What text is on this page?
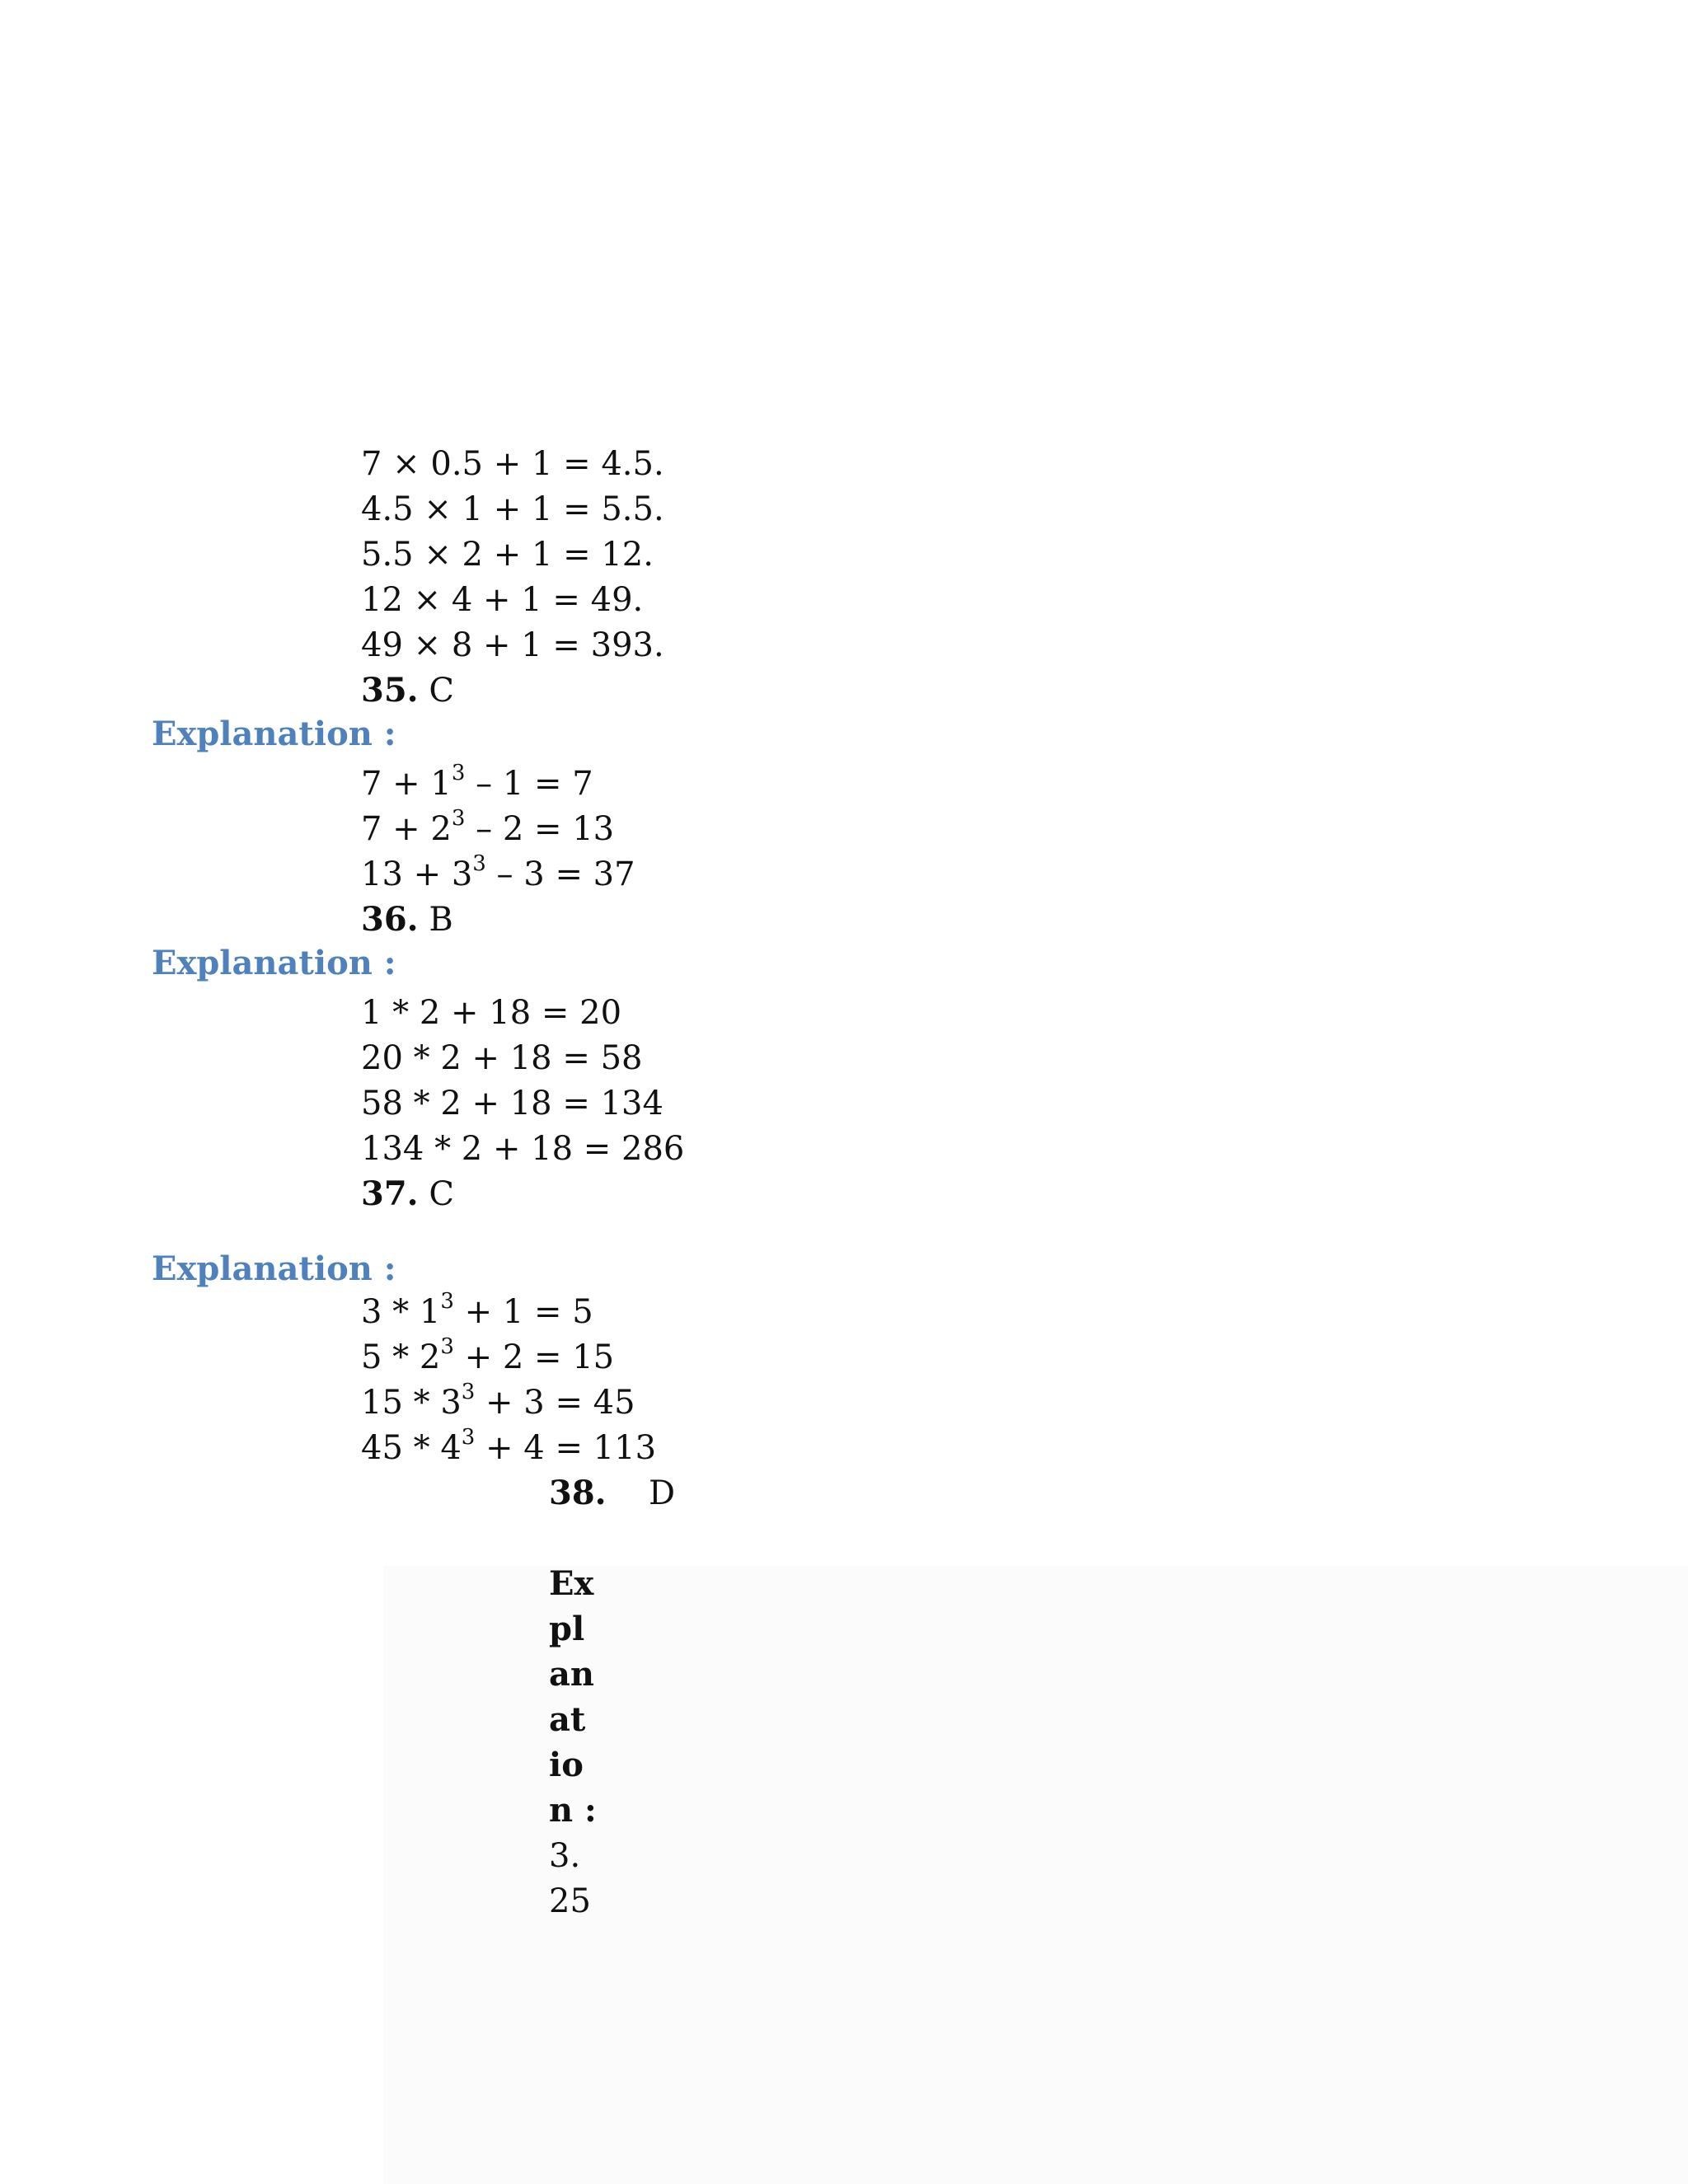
7 × 0.5 + 1 = 4.5.
4.5 × 1 + 1 = 5.5.
5.5 × 2 + 1 = 12.
12 × 4 + 1 = 49.
49 × 8 + 1 = 393.
35. C
Explanation :
$7 + 1^3 - 1 = 7$
$7 + 2^3 - 2 = 13$
$13 + 3^3 - 3 = 37$
36. B
Explanation :
1 * 2 + 18 = 20
20 * 2 + 18 = 58
58 * 2 + 18 = 134
134 * 2 + 18 = 286
37. C
Explanation :
$3 * 1^3 + 1 = 5$
$5 * 2^3 + 2 = 15$
$15 * 3^3 + 3 = 45$
$45 * 4^3 + 4 = 113$
38. D
Ex
pl
an
at
io
n :
3.
25
